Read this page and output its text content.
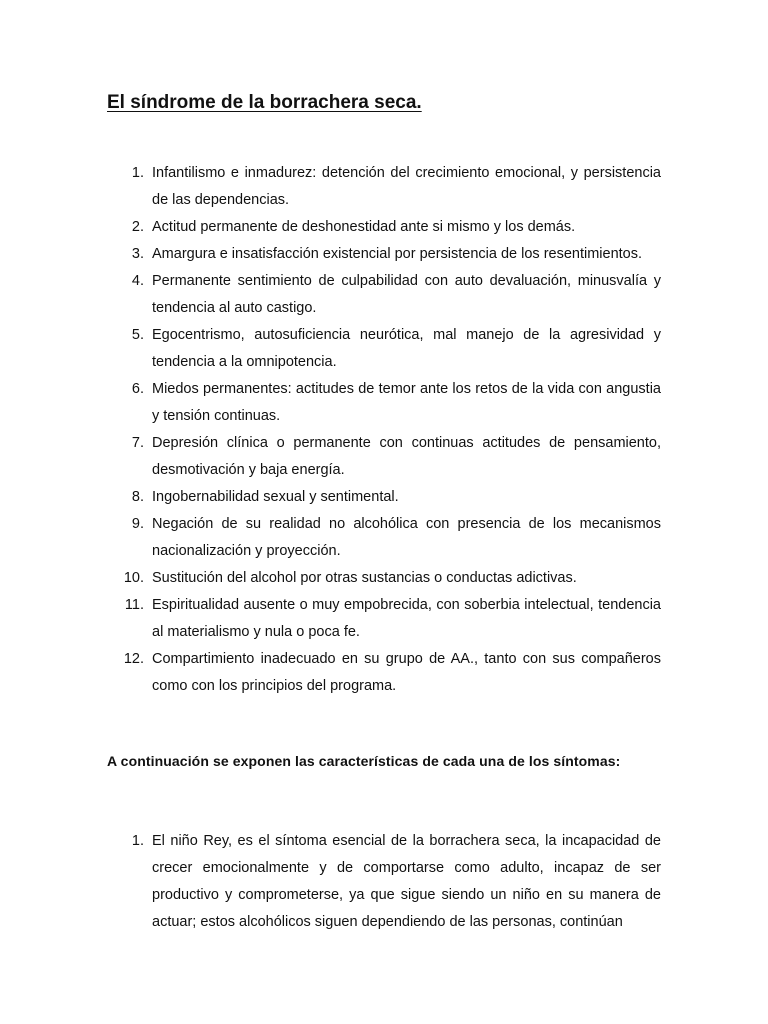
El síndrome de la borrachera seca.
1. Infantilismo e inmadurez: detención del crecimiento emocional, y persistencia de las dependencias.
2. Actitud permanente de deshonestidad ante si mismo y los demás.
3. Amargura e insatisfacción existencial por persistencia de los resentimientos.
4. Permanente sentimiento de culpabilidad con auto devaluación, minusvalía y tendencia al auto castigo.
5. Egocentrismo, autosuficiencia neurótica, mal manejo de la agresividad y tendencia a la omnipotencia.
6. Miedos permanentes: actitudes de temor ante los retos de la vida con angustia y tensión continuas.
7. Depresión clínica o permanente con continuas actitudes de pensamiento, desmotivación y baja energía.
8. Ingobernabilidad sexual y sentimental.
9. Negación de su realidad no alcohólica con presencia de los mecanismos nacionalización y proyección.
10. Sustitución del alcohol por otras sustancias o conductas adictivas.
11. Espiritualidad ausente o muy empobrecida, con soberbia intelectual, tendencia al materialismo y nula o poca fe.
12. Compartimiento inadecuado en su grupo de AA., tanto con sus compañeros como con los principios del programa.
A continuación se exponen las características de cada una de los síntomas:
1. El niño Rey, es el síntoma esencial de la borrachera seca, la incapacidad de crecer emocionalmente y de comportarse como adulto, incapaz de ser productivo y comprometerse, ya que sigue siendo un niño en su manera de actuar; estos alcohólicos siguen dependiendo de las personas, continúan
